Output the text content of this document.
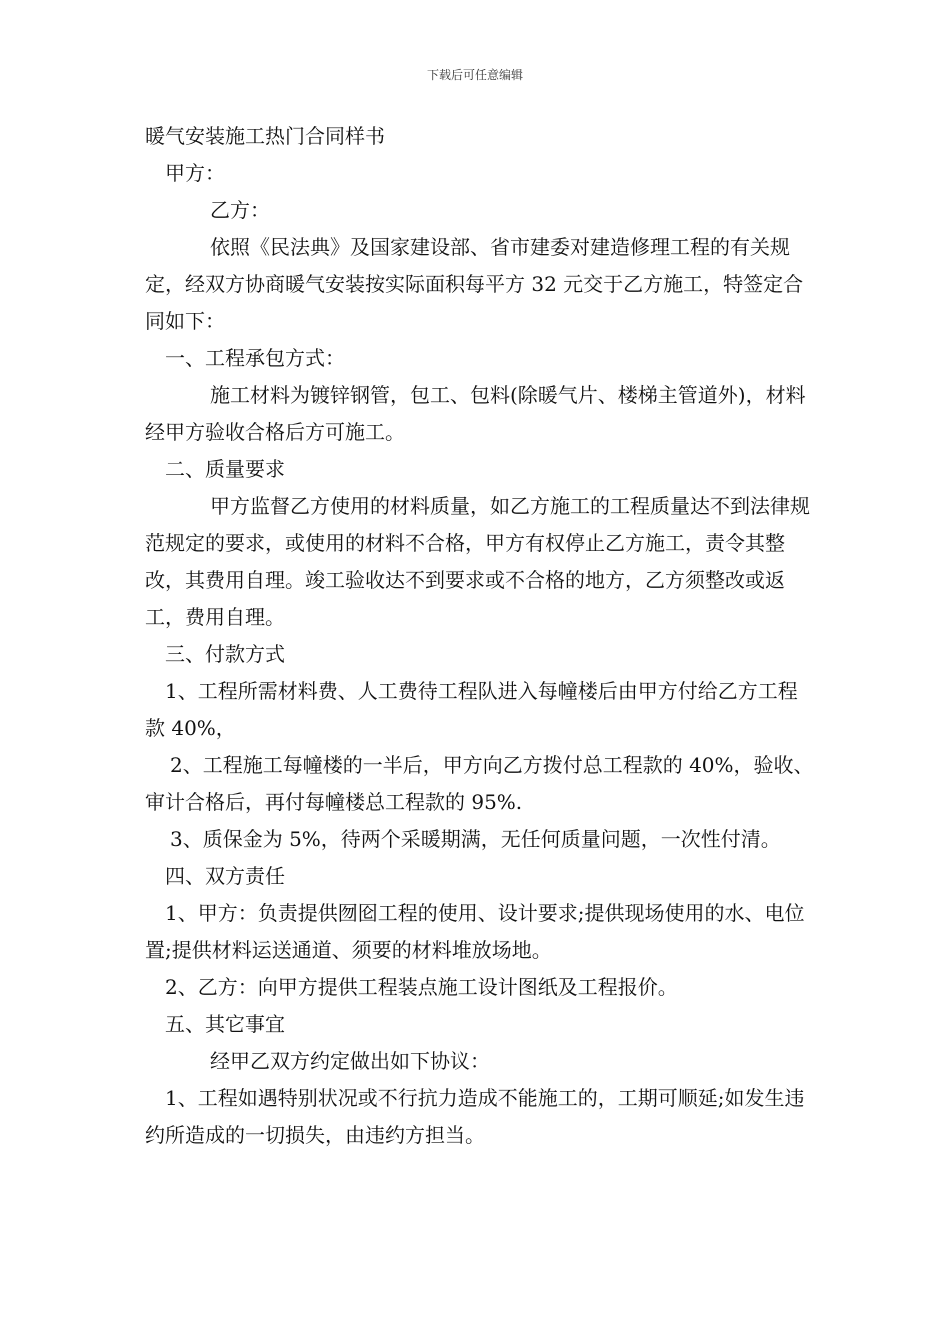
下载后可任意编辑

暖气安装施工热门合同样书

甲方：

乙方：

依照《民法典》及国家建设部、省市建委对建造修理工程的有关规定，经双方协商暖气安装按实际面积每平方 32 元交于乙方施工，特签定合同如下：

一、工程承包方式：

施工材料为镀锌钢管，包工、包料(除暖气片、楼梯主管道外)，材料经甲方验收合格后方可施工。

二、质量要求

甲方监督乙方使用的材料质量，如乙方施工的工程质量达不到法律规范规定的要求，或使用的材料不合格，甲方有权停止乙方施工，责令其整改，其费用自理。竣工验收达不到要求或不合格的地方，乙方须整改或返工，费用自理。

三、付款方式

1、工程所需材料费、人工费待工程队进入每幢楼后由甲方付给乙方工程款 40%，

2、工程施工每幢楼的一半后，甲方向乙方拨付总工程款的 40%，验收、审计合格后，再付每幢楼总工程款的 95%.

3、质保金为 5%，待两个采暖期满，无任何质量问题，一次性付清。

四、双方责任

1、甲方：负责提供囫囵工程的使用、设计要求;提供现场使用的水、电位置;提供材料运送通道、须要的材料堆放场地。

2、乙方：向甲方提供工程装点施工设计图纸及工程报价。

五、其它事宜

经甲乙双方约定做出如下协议：

1、工程如遇特别状况或不行抗力造成不能施工的，工期可顺延;如发生违约所造成的一切损失，由违约方担当。
